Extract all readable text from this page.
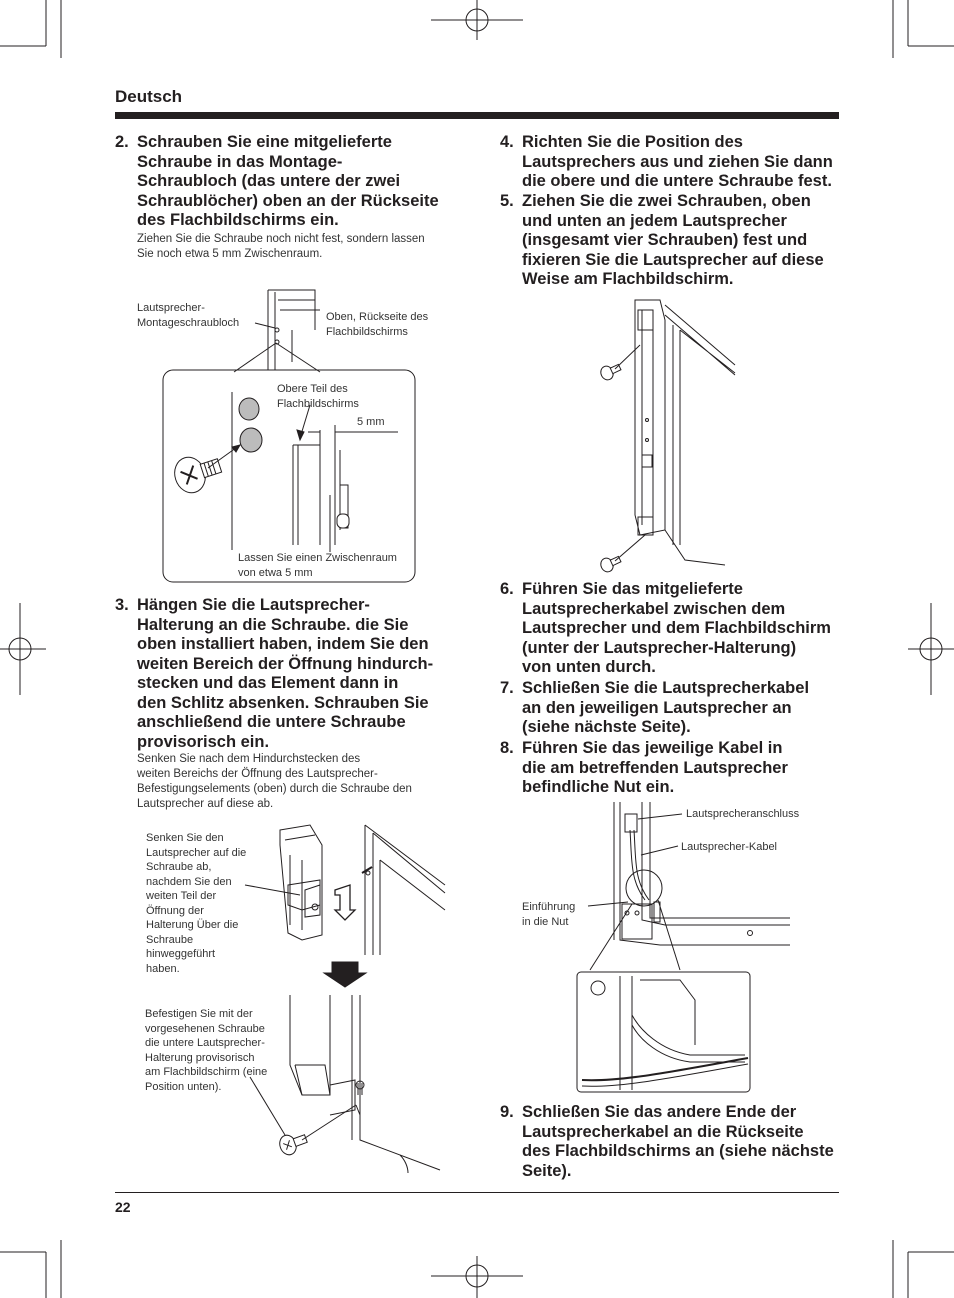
Deutsch
2. Schrauben Sie eine mitgelieferte
Schraube in das Montage-
Schraubloch (das untere der zwei
Schraublöcher) oben an der Rückseite
des Flachbildschirms ein.
Ziehen Sie die Schraube noch nicht fest, sondern lassen
Sie noch etwa 5 mm Zwischenraum.
Lautsprecher-
Montageschraubloch	Oben, Rückseite des
Flachbildschirms
Obere Teil des
Flachbildschirms
5 mm
Lassen Sie einen Zwischenraum
von etwa 5 mm
3. Hängen Sie die Lautsprecher-
Halterung an die Schraube. die Sie
oben installiert haben, indem Sie den
weiten Bereich der Öffnung hindurch-
stecken und das Element dann in
den Schlitz absenken. Schrauben Sie
anschließend die untere Schraube
provisorisch ein.
Senken Sie nach dem Hindurchstecken des
weiten Bereichs der Öffnung des Lautsprecher-
Befestigungselements (oben) durch die Schraube den
Lautsprecher auf diese ab.
Senken Sie den
Lautsprecher auf die
Schraube ab,
nachdem Sie den
weiten Teil der
Öffnung der
Halterung Über die
Schraube
hinweggeführt
haben.
Befestigen Sie mit der
vorgesehenen Schraube
die untere Lautsprecher-
Halterung provisorisch
am Flachbildschirm (eine
Position unten).
4. Richten Sie die Position des
Lautsprechers aus und ziehen Sie dann
die obere und die untere Schraube fest.
5. Ziehen Sie die zwei Schrauben, oben
und unten an jedem Lautsprecher
(insgesamt vier Schrauben) fest und
fixieren Sie die Lautsprecher auf diese
Weise am Flachbildschirm.
6. Führen Sie das mitgelieferte
Lautsprecherkabel zwischen dem
Lautsprecher und dem Flachbildschirm
(unter der Lautsprecher-Halterung)
von unten durch.
7. Schließen Sie die Lautsprecherkabel
an den jeweiligen Lautsprecher an
(siehe nächste Seite).
8. Führen Sie das jeweilige Kabel in
die am betreffenden Lautsprecher
befindliche Nut ein.
Lautsprecheranschluss
Lautsprecher-Kabel
Einführung
in die Nut
9. Schließen Sie das andere Ende der
Lautsprecherkabel an die Rückseite
des Flachbildschirms an (siehe nächste
Seite).
22
